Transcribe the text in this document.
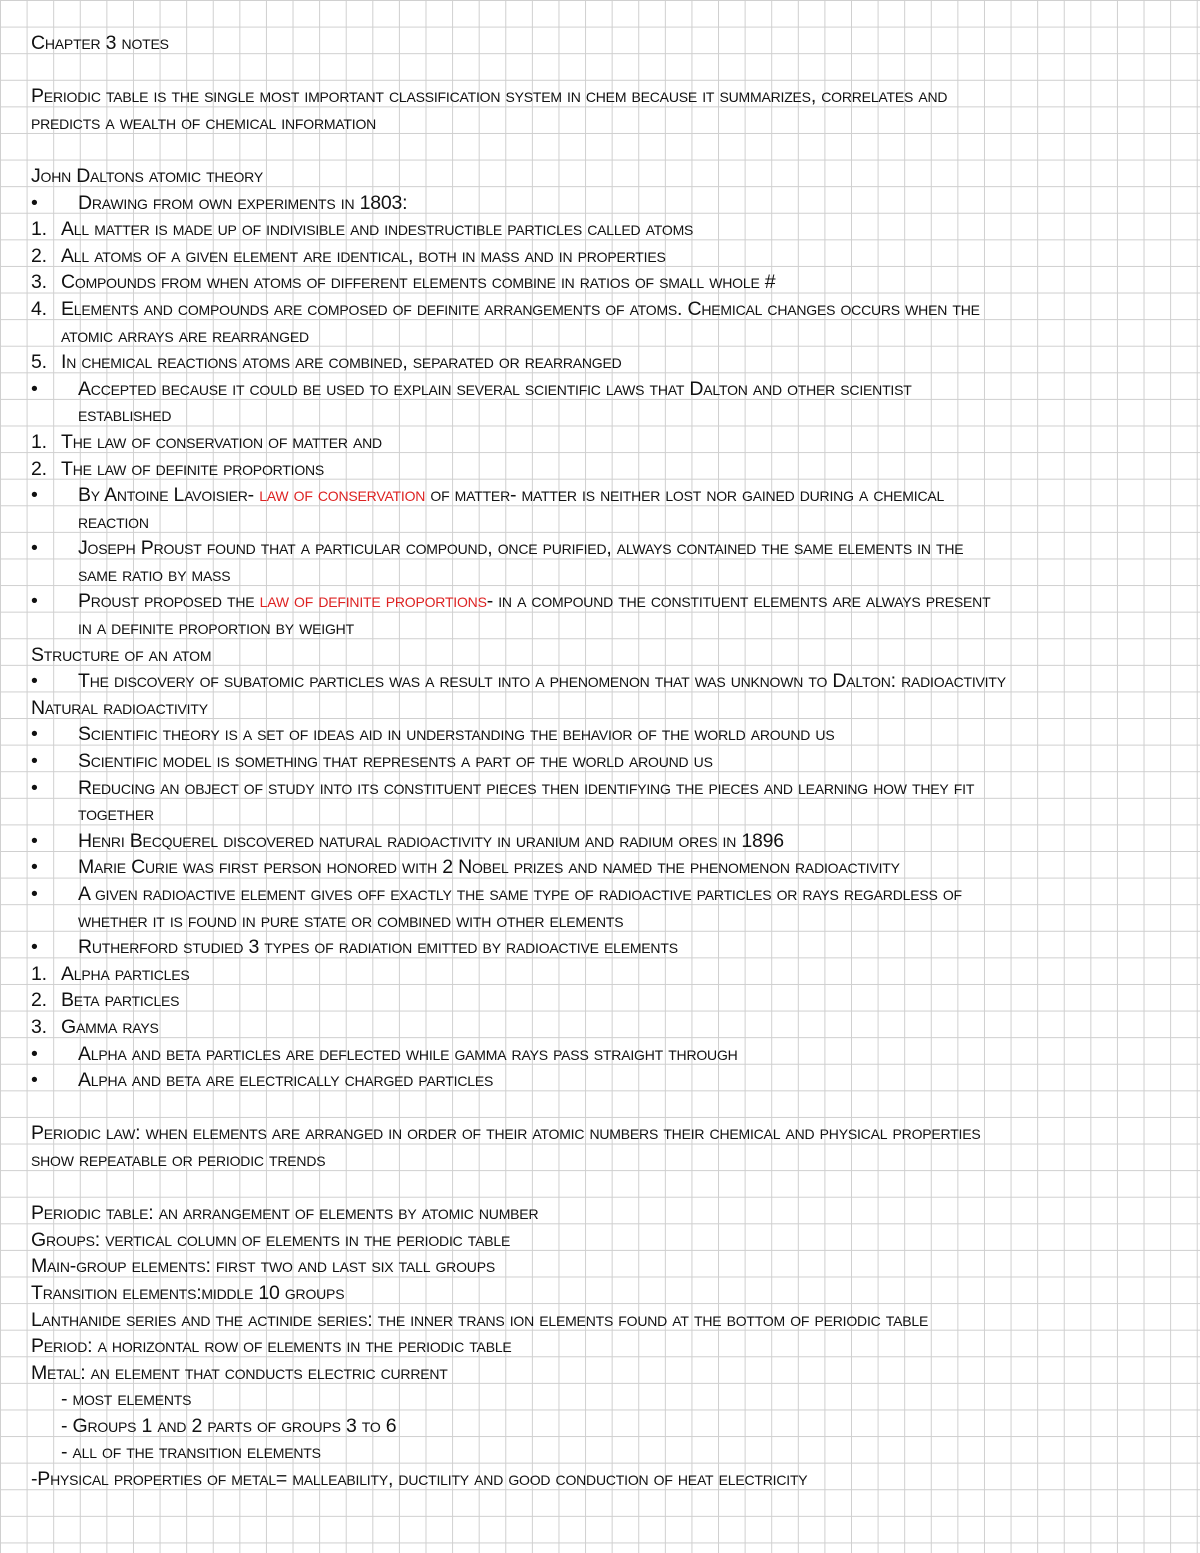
Chapter 3 notes
Periodic table is the single most important classification system in chem because it summarizes, correlates and
predicts a wealth of chemical information
John Daltons atomic theory
• Drawing from own experiments in 1803:
1. All matter is made up of indivisible and indestructible particles called atoms
2. All atoms of a given element are identical, both in mass and in properties
3. Compounds from when atoms of different elements combine in ratios of small whole #
4. Elements and compounds are composed of definite arrangements of atoms. Chemical changes occurs when the
atomic arrays are rearranged
5. In chemical reactions atoms are combined, separated or rearranged
• Accepted because it could be used to explain several scientific laws that Dalton and other scientist
established
1. The law of conservation of matter and
2. The law of definite proportions
• By Antoine Lavoisier- law of conservation of matter- matter is neither lost nor gained during a chemical
reaction
• Joseph Proust found that a particular compound, once purified, always contained the same elements in the
same ratio by mass
• Proust proposed the law of definite proportions- in a compound the constituent elements are always present
in a definite proportion by weight
Structure of an atom
• The discovery of subatomic particles was a result into a phenomenon that was unknown to Dalton: radioactivity
Natural radioactivity
• Scientific theory is a set of ideas aid in understanding the behavior of the world around us
• Scientific model is something that represents a part of the world around us
• Reducing an object of study into its constituent pieces then identifying the pieces and learning how they fit
together
• Henri Becquerel discovered natural radioactivity in uranium and radium ores in 1896
• Marie Curie was first person honored with 2 Nobel prizes and named the phenomenon radioactivity
• A given radioactive element gives off exactly the same type of radioactive particles or rays regardless of
whether it is found in pure state or combined with other elements
• Rutherford studied 3 types of radiation emitted by radioactive elements
1. Alpha particles
2. Beta particles
3. Gamma rays
• Alpha and beta particles are deflected while gamma rays pass straight through
• Alpha and beta are electrically charged particles
Periodic law: when elements are arranged in order of their atomic numbers their chemical and physical properties
show repeatable or periodic trends
Periodic table: an arrangement of elements by atomic number
Groups: vertical column of elements in the periodic table
Main-group elements: first two and last six tall groups
Transition elements:middle 10 groups
Lanthanide series and the actinide series: the inner trans ion elements found at the bottom of periodic table
Period: a horizontal row of elements in the periodic table
Metal: an element that conducts electric current
- most elements
- Groups 1 and 2 parts of groups 3 to 6
- all of the transition elements
-Physical properties of metal= malleability, ductility and good conduction of heat electricity
